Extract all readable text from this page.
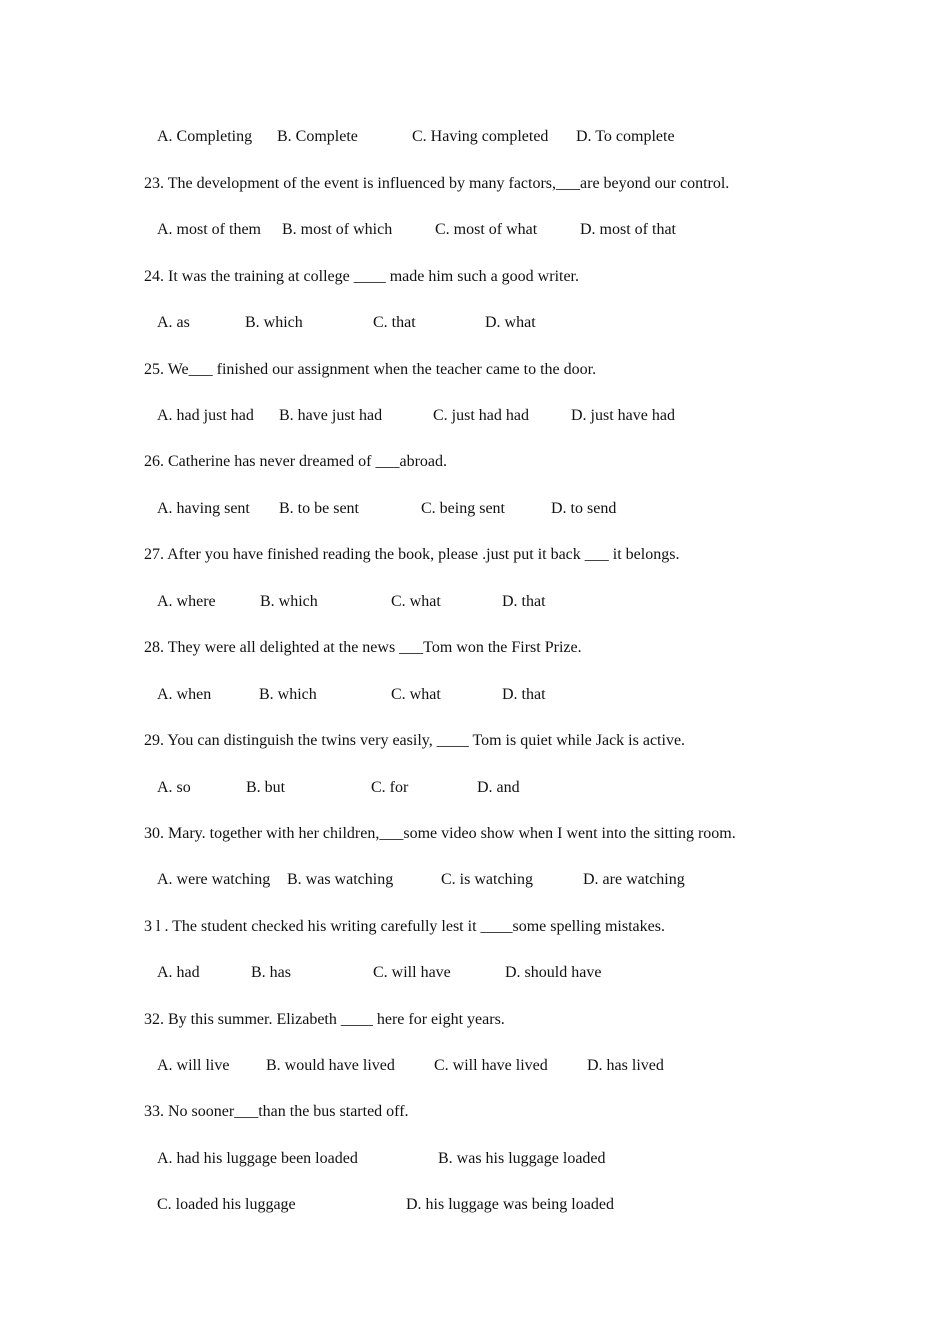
A. Completing B. Complete	C. Having completed D. To complete
23. The development of the event is influenced by many factors,___are beyond our control.
A. most of them B. most of which	C. most of what	D. most of that
24. It was the training at college ____ made him such a good writer.
A. as	B. which	C. that	D. what
25. We___ finished our assignment when the teacher came to the door.
A. had just had B. have just had	C. just had had	D. just have had
26. Catherine has never dreamed of ___abroad.
A. having sent B. to be sent	C. being sent	D. to send
27. After you have finished reading the book, please .just put it back ___ it belongs.
A. where	B. which	C. what	D. that
28. They were all delighted at the news ___Tom won the First Prize.
A. when	B. which	C. what	D. that
29. You can distinguish the twins very easily, ____ Tom is quiet while Jack is active.
A. so	B. but	C. for	D. and
30. Mary. together with her children,___some video show when I went into the sitting room.
A. were watching B. was watching	C. is watching	D. are watching
3 l . The student checked his writing carefully lest it ____some spelling mistakes.
A. had	B. has	C. will have	D. should have
32. By this summer. Elizabeth ____ here for eight years.
A. will live B. would have lived C. will have lived D. has lived
33. No sooner___than the bus started off.
A. had his luggage been loaded	B. was his luggage loaded
C. loaded his luggage	D. his luggage was being loaded
